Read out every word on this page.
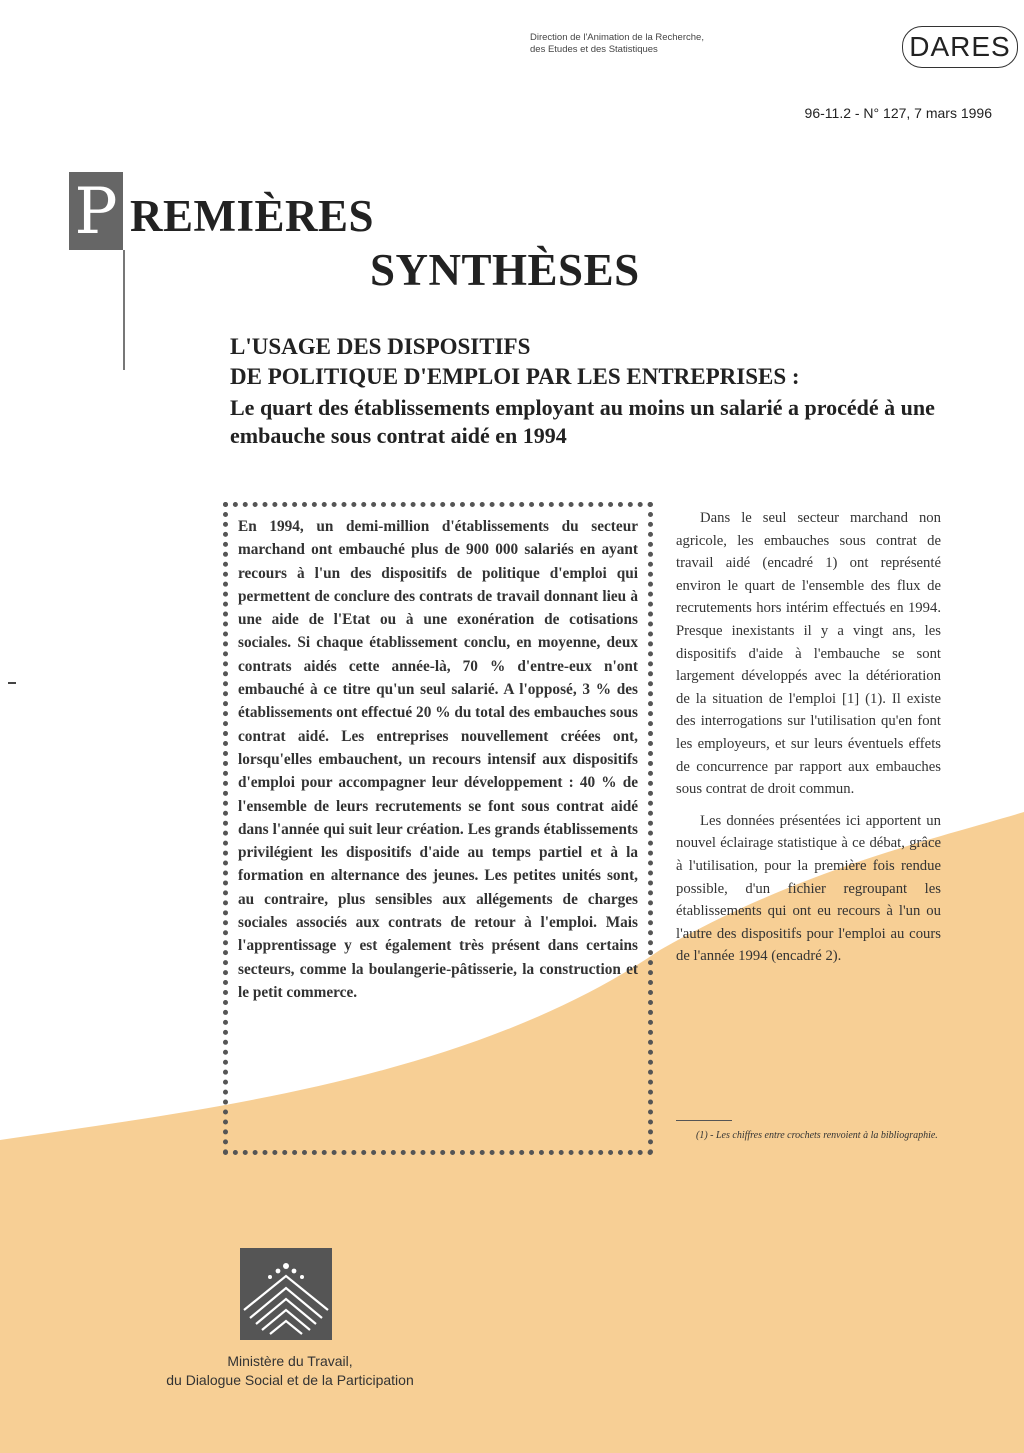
Direction de l'Animation de la Recherche,
des Etudes et des Statistiques	DARES
96-11.2 - N° 127, 7 mars 1996
P REMIÈRES
SYNTHÈSES
L'USAGE DES DISPOSITIFS
DE POLITIQUE D'EMPLOI PAR LES ENTREPRISES :
Le quart des établissements employant au moins un salarié a procédé à une embauche sous contrat aidé en 1994

En 1994, un demi-million d'établissements du secteur marchand ont embauché plus de 900 000 salariés en ayant recours à l'un des dispositifs de politique d'emploi qui permettent de conclure des contrats de travail donnant lieu à une aide de l'Etat ou à une exonération de cotisations sociales. Si chaque établissement conclu, en moyenne, deux contrats aidés cette année-là, 70 % d'entre-eux n'ont embauché à ce titre qu'un seul salarié. A l'opposé, 3 % des établissements ont effectué 20 % du total des embauches sous contrat aidé. Les entreprises nouvellement créées ont, lorsqu'elles embauchent, un recours intensif aux dispositifs d'emploi pour accompagner leur développement : 40 % de l'ensemble de leurs recrutements se font sous contrat aidé dans l'année qui suit leur création. Les grands établissements privilégient les dispositifs d'aide au temps partiel et à la formation en alternance des jeunes. Les petites unités sont, au contraire, plus sensibles aux allégements de charges sociales associés aux contrats de retour à l'emploi. Mais l'apprentissage y est également très présent dans certains secteurs, comme la boulangerie-pâtisserie, la construction et le petit commerce.

Dans le seul secteur marchand non agricole, les embauches sous contrat de travail aidé (encadré 1) ont représenté environ le quart de l'ensemble des flux de recrutements hors intérim effectués en 1994. Presque inexistants il y a vingt ans, les dispositifs d'aide à l'embauche se sont largement développés avec la détérioration de la situation de l'emploi [1] (1). Il existe des interrogations sur l'utilisation qu'en font les employeurs, et sur leurs éventuels effets de concurrence par rapport aux embauches sous contrat de droit commun.

Les données présentées ici apportent un nouvel éclairage statistique à ce débat, grâce à l'utilisation, pour la première fois rendue possible, d'un fichier regroupant les établissements qui ont eu recours à l'un ou l'autre des dispositifs pour l'emploi au cours de l'année 1994 (encadré 2).

(1) - Les chiffres entre crochets renvoient à la bibliographie.
Ministère du Travail,
du Dialogue Social et de la Participation
